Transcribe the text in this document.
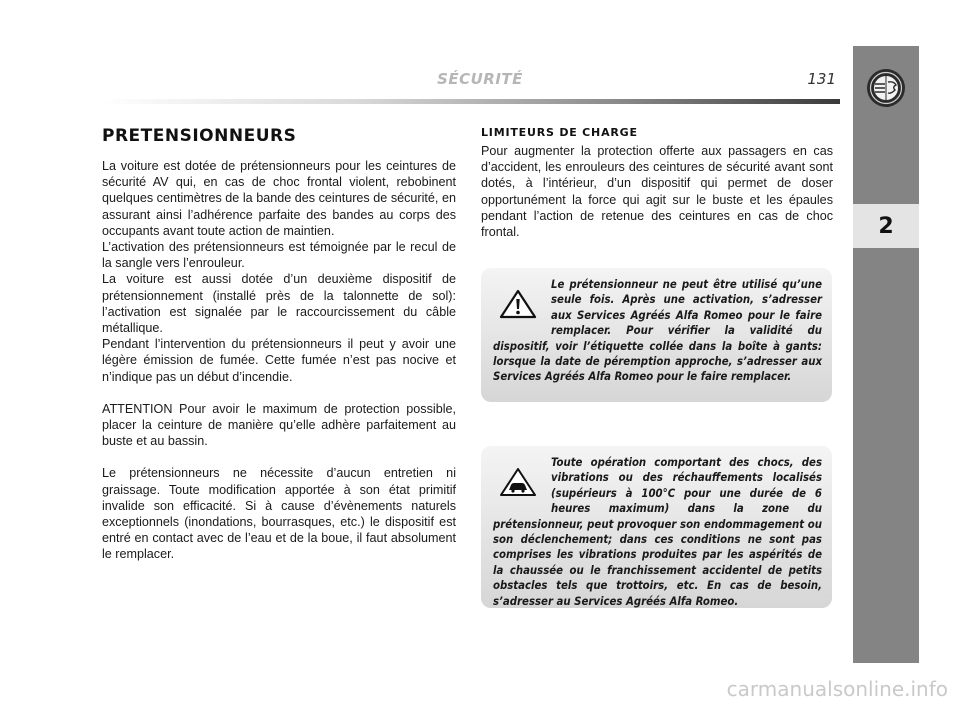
SÉCURITÉ	131
2
PRETENSIONNEURS

La voiture est dotée de prétensionneurs pour les ceintures de sécurité AV qui, en cas de choc frontal violent, rebobinent quelques centimètres de la bande des ceintures de sécurité, en assurant ainsi l’adhérence parfaite des bandes au corps des occupants avant toute action de maintien.

L’activation des prétensionneurs est témoignée par le recul de la sangle vers l’enrouleur.

La voiture est aussi dotée d’un deuxième dispositif de prétensionnement (installé près de la talonnette de sol): l’activation est signalée par le raccourcissement du câble métallique.

Pendant l’intervention du prétensionneurs il peut y avoir une légère émission de fumée. Cette fumée n’est pas nocive et n’indique pas un début d’incendie.

ATTENTION Pour avoir le maximum de protection possible, placer la ceinture de manière qu’elle adhère parfaitement au buste et au bassin.

Le prétensionneurs ne nécessite d’aucun entretien ni graissage. Toute modification apportée à son état primitif invalide son efficacité. Si à cause d’évènements naturels exceptionnels (inondations, bourrasques, etc.) le dispositif est entré en contact avec de l’eau et de la boue, il faut absolument le remplacer.

LIMITEURS DE CHARGE

Pour augmenter la protection offerte aux passagers en cas d’accident, les enrouleurs des ceintures de sécurité avant sont dotés, à l’intérieur, d’un dispositif qui permet de doser opportunément la force qui agit sur le buste et les épaules pendant l’action de retenue des ceintures en cas de choc frontal.

Le prétensionneur ne peut être utilisé qu’une seule fois. Après une activation, s’adresser aux Services Agréés Alfa Romeo pour le faire remplacer. Pour vérifier la validité du dispositif, voir l’étiquette collée dans la boîte à gants: lorsque la date de péremption approche, s’adresser aux Services Agréés Alfa Romeo pour le faire remplacer.

Toute opération comportant des chocs, des vibrations ou des réchauffements localisés (supérieurs à 100°C pour une durée de 6 heures maximum) dans la zone du prétensionneur, peut provoquer son endommagement ou son déclenchement; dans ces conditions ne sont pas comprises les vibrations produites par les aspérités de la chaussée ou le franchissement accidentel de petits obstacles tels que trottoirs, etc. En cas de besoin, s’adresser au Services Agréés Alfa Romeo.

carmanualsonline.info
